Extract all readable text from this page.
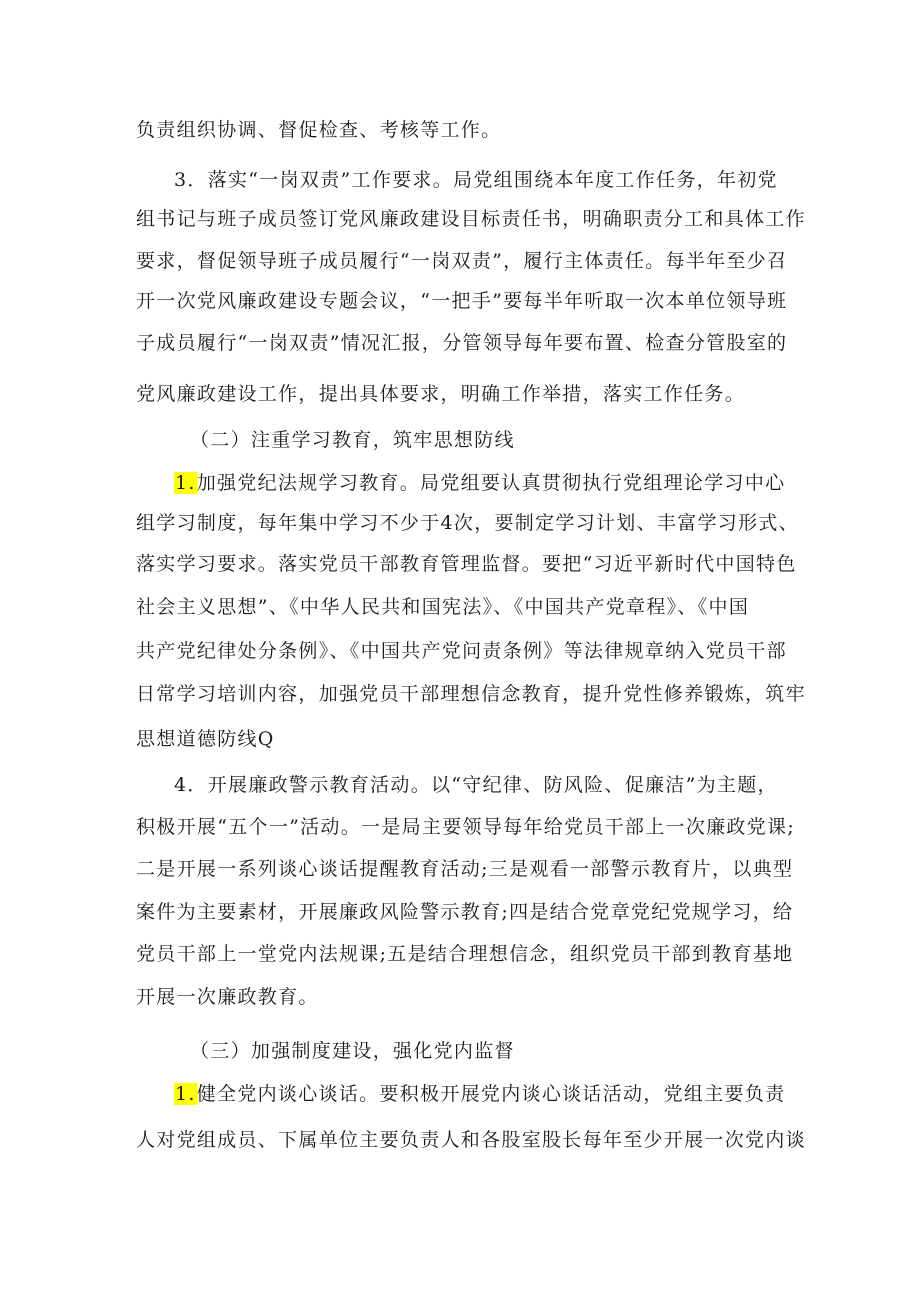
负责组织协调、督促检查、考核等工作。
3．落实“一岗双责”工作要求。局党组围绕本年度工作任务，年初党
组书记与班子成员签订党风廉政建设目标责任书，明确职责分工和具体工作
要求，督促领导班子成员履行“一岗双责”，履行主体责任。每半年至少召
开一次党风廉政建设专题会议，“一把手”要每半年听取一次本单位领导班
子成员履行“一岗双责”情况汇报，分管领导每年要布置、检查分管股室的
党风廉政建设工作，提出具体要求，明确工作举措，落实工作任务。
（二）注重学习教育，筑牢思想防线
1.加强党纪法规学习教育。局党组要认真贯彻执行党组理论学习中心
组学习制度，每年集中学习不少于4次，要制定学习计划、丰富学习形式、
落实学习要求。落实党员干部教育管理监督。要把“习近平新时代中国特色
社会主义思想”、《中华人民共和国宪法》、《中国共产党章程》、《中国
共产党纪律处分条例》、《中国共产党问责条例》等法律规章纳入党员干部
日常学习培训内容，加强党员干部理想信念教育，提升党性修养锻炼，筑牢
思想道德防线Q
4．开展廉政警示教育活动。以“守纪律、防风险、促廉洁”为主题，
积极开展“五个一”活动。一是局主要领导每年给党员干部上一次廉政党课;
二是开展一系列谈心谈话提醒教育活动;三是观看一部警示教育片，以典型
案件为主要素材，开展廉政风险警示教育;四是结合党章党纪党规学习，给
党员干部上一堂党内法规课;五是结合理想信念，组织党员干部到教育基地
开展一次廉政教育。
（三）加强制度建设，强化党内监督
1.健全党内谈心谈话。要积极开展党内谈心谈话活动，党组主要负责
人对党组成员、下属单位主要负责人和各股室股长每年至少开展一次党内谈
